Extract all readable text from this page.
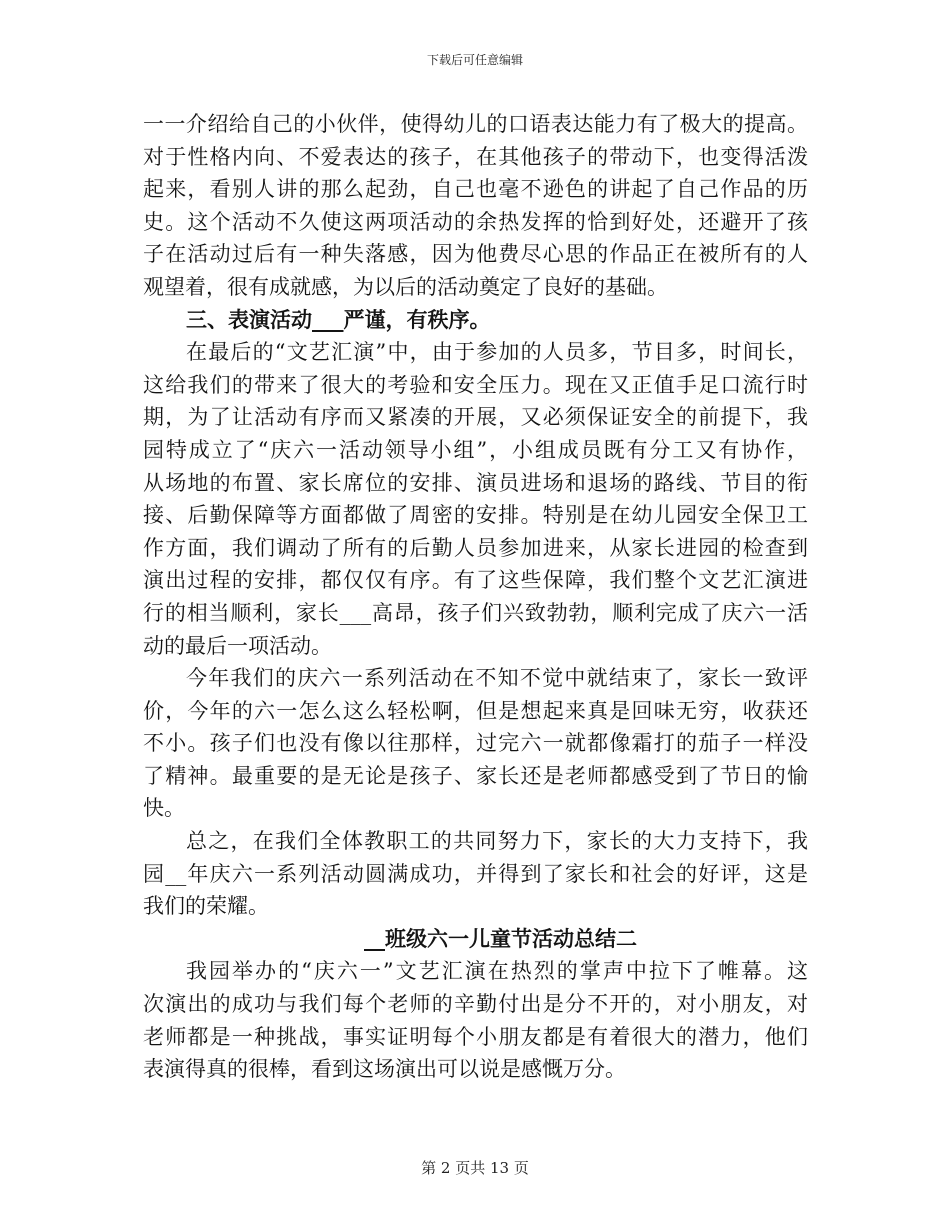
下载后可任意编辑
一一介绍给自己的小伙伴，使得幼儿的口语表达能力有了极大的提高。
对于性格内向、不爱表达的孩子，在其他孩子的带动下，也变得活泼
起来，看别人讲的那么起劲，自己也毫不逊色的讲起了自己作品的历
史。这个活动不久使这两项活动的余热发挥的恰到好处，还避开了孩
子在活动过后有一种失落感，因为他费尽心思的作品正在被所有的人
观望着，很有成就感，为以后的活动奠定了良好的基础。
三、表演活动___严谨，有秩序。
在最后的“文艺汇演”中，由于参加的人员多，节目多，时间长，
这给我们的带来了很大的考验和安全压力。现在又正值手足口流行时
期，为了让活动有序而又紧凑的开展，又必须保证安全的前提下，我
园特成立了“庆六一活动领导小组”，小组成员既有分工又有协作，
从场地的布置、家长席位的安排、演员进场和退场的路线、节目的衔
接、后勤保障等方面都做了周密的安排。特别是在幼儿园安全保卫工
作方面，我们调动了所有的后勤人员参加进来，从家长进园的检查到
演出过程的安排，都仅仅有序。有了这些保障，我们整个文艺汇演进
行的相当顺利，家长___高昂，孩子们兴致勃勃，顺利完成了庆六一活
动的最后一项活动。
今年我们的庆六一系列活动在不知不觉中就结束了，家长一致评
价，今年的六一怎么这么轻松啊，但是想起来真是回味无穷，收获还
不小。孩子们也没有像以往那样，过完六一就都像霜打的茄子一样没
了精神。最重要的是无论是孩子、家长还是老师都感受到了节日的愉
快。
总之，在我们全体教职工的共同努力下，家长的大力支持下，我
园__年庆六一系列活动圆满成功，并得到了家长和社会的好评，这是
我们的荣耀。
__班级六一儿童节活动总结二
我园举办的“庆六一”文艺汇演在热烈的掌声中拉下了帷幕。这
次演出的成功与我们每个老师的辛勤付出是分不开的，对小朋友，对
老师都是一种挑战，事实证明每个小朋友都是有着很大的潜力，他们
表演得真的很棒，看到这场演出可以说是感慨万分。
第 2 页共 13 页
